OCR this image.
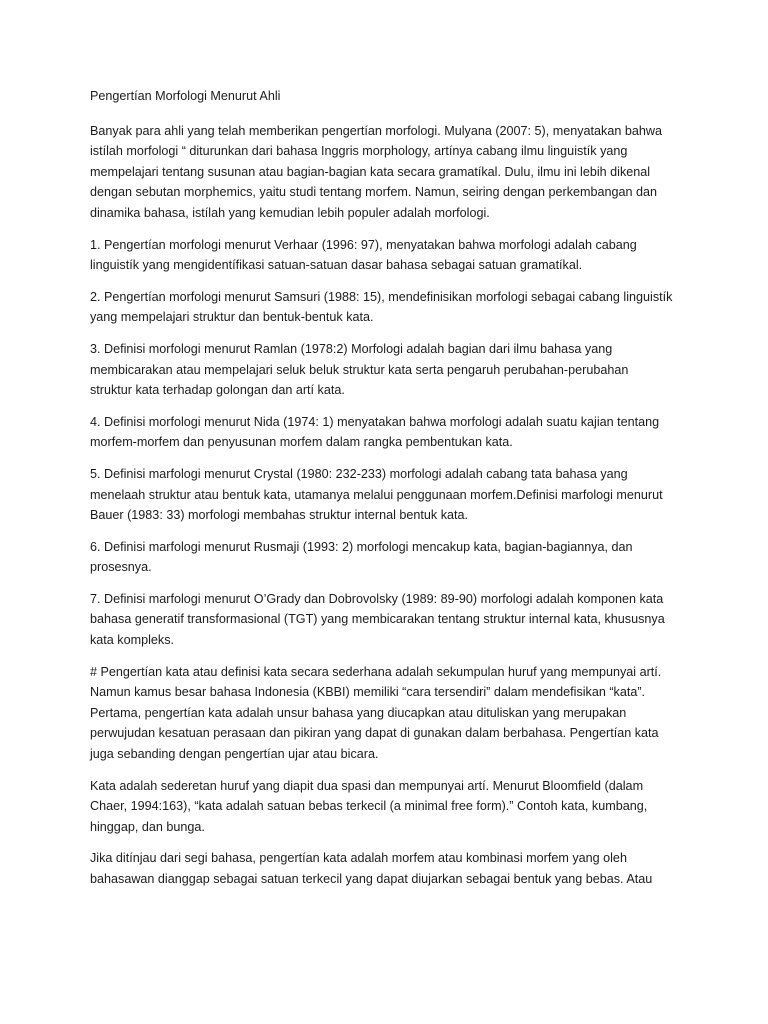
Pengertían Morfologi Menurut Ahli
Banyak para ahli yang telah memberikan pengertían morfologi. Mulyana (2007: 5), menyatakan bahwa
istílah morfologi “ diturunkan dari bahasa Inggris morphology, artínya cabang ilmu linguistík yang
mempelajari tentang susunan atau bagian-bagian kata secara gramatíkal. Dulu, ilmu ini lebih dikenal
dengan sebutan morphemics, yaitu studi tentang morfem. Namun, seiring dengan perkembangan dan
dinamika bahasa, istílah yang kemudian lebih populer adalah morfologi.
1. Pengertían morfologi menurut Verhaar (1996: 97), menyatakan bahwa morfologi adalah cabang
linguistík yang mengidentífikasi satuan-satuan dasar bahasa sebagai satuan gramatíkal.
2. Pengertían morfologi menurut Samsuri (1988: 15), mendefinisikan morfologi sebagai cabang linguistík
yang mempelajari struktur dan bentuk-bentuk kata.
3. Definisi morfologi menurut Ramlan (1978:2) Morfologi adalah bagian dari ilmu bahasa yang
membicarakan atau mempelajari seluk beluk struktur kata serta pengaruh perubahan-perubahan
struktur kata terhadap golongan dan artí kata.
4. Definisi morfologi menurut Nida (1974: 1) menyatakan bahwa morfologi adalah suatu kajian tentang
morfem-morfem dan penyusunan morfem dalam rangka pembentukan kata.
5. Definisi marfologi menurut Crystal (1980: 232-233) morfologi adalah cabang tata bahasa yang
menelaah struktur atau bentuk kata, utamanya melalui penggunaan morfem.Definisi marfologi menurut
Bauer (1983: 33) morfologi membahas struktur internal bentuk kata.
6. Definisi marfologi menurut Rusmaji (1993: 2) morfologi mencakup kata, bagian-bagiannya, dan
prosesnya.
7. Definisi marfologi menurut O’Grady dan Dobrovolsky (1989: 89-90) morfologi adalah komponen kata
bahasa generatif transformasional (TGT) yang membicarakan tentang struktur internal kata, khususnya
kata kompleks.
# Pengertían kata atau definisi kata secara sederhana adalah sekumpulan huruf yang mempunyai artí.
Namun kamus besar bahasa Indonesia (KBBI) memiliki “cara tersendiri” dalam mendefisikan “kata”.
Pertama, pengertían kata adalah unsur bahasa yang diucapkan atau dituliskan yang merupakan
perwujudan kesatuan perasaan dan pikiran yang dapat di gunakan dalam berbahasa. Pengertían kata
juga sebanding dengan pengertían ujar atau bicara.
Kata adalah sederetan huruf yang diapit dua spasi dan mempunyai artí. Menurut Bloomfield (dalam
Chaer, 1994:163), “kata adalah satuan bebas terkecil (a minimal free form).” Contoh kata, kumbang,
hinggap, dan bunga.
Jika ditínjau dari segi bahasa, pengertían kata adalah morfem atau kombinasi morfem yang oleh
bahasawan dianggap sebagai satuan terkecil yang dapat diujarkan sebagai bentuk yang bebas. Atau
